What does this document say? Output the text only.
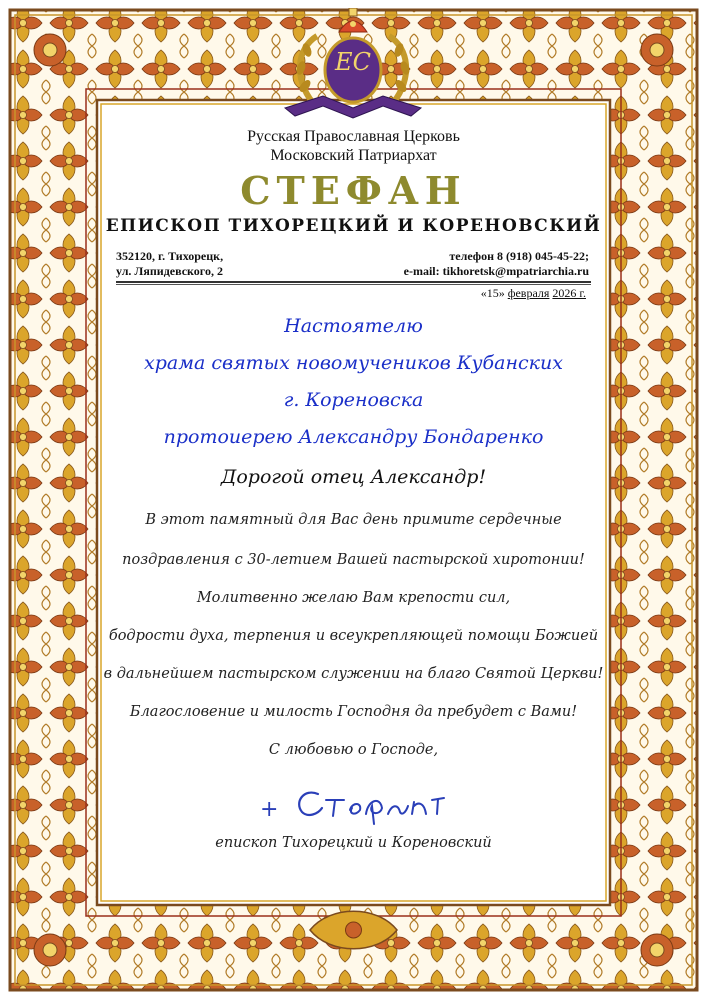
ЕС
Русская Православная Церковь
Московский Патриархат
СТЕФАН
ЕПИСКОП ТИХОРЕЦКИЙ И КОРЕНОВСКИЙ
352120, г. Тихорецк,
ул. Ляпидевского, 2
телефон 8 (918) 045-45-22;
e-mail: tikhoretsk@mpatriarchia.ru
«15» февраля 2026 г.
Настоятелю
храма святых новомучеников Кубанских
г. Кореновска
протоиерею Александру Бондаренко
Дорогой отец Александр!
В этот памятный для Вас день примите сердечные
поздравления с 30-летием Вашей пастырской хиротонии!
Молитвенно желаю Вам крепости сил,
бодрости духа, терпения и всеукрепляющей помощи Божией
в дальнейшем пастырском служении на благо Святой Церкви!
Благословение и милость Господня да пребудет с Вами!
С любовью о Господе,
+
епископ Тихорецкий и Кореновский
